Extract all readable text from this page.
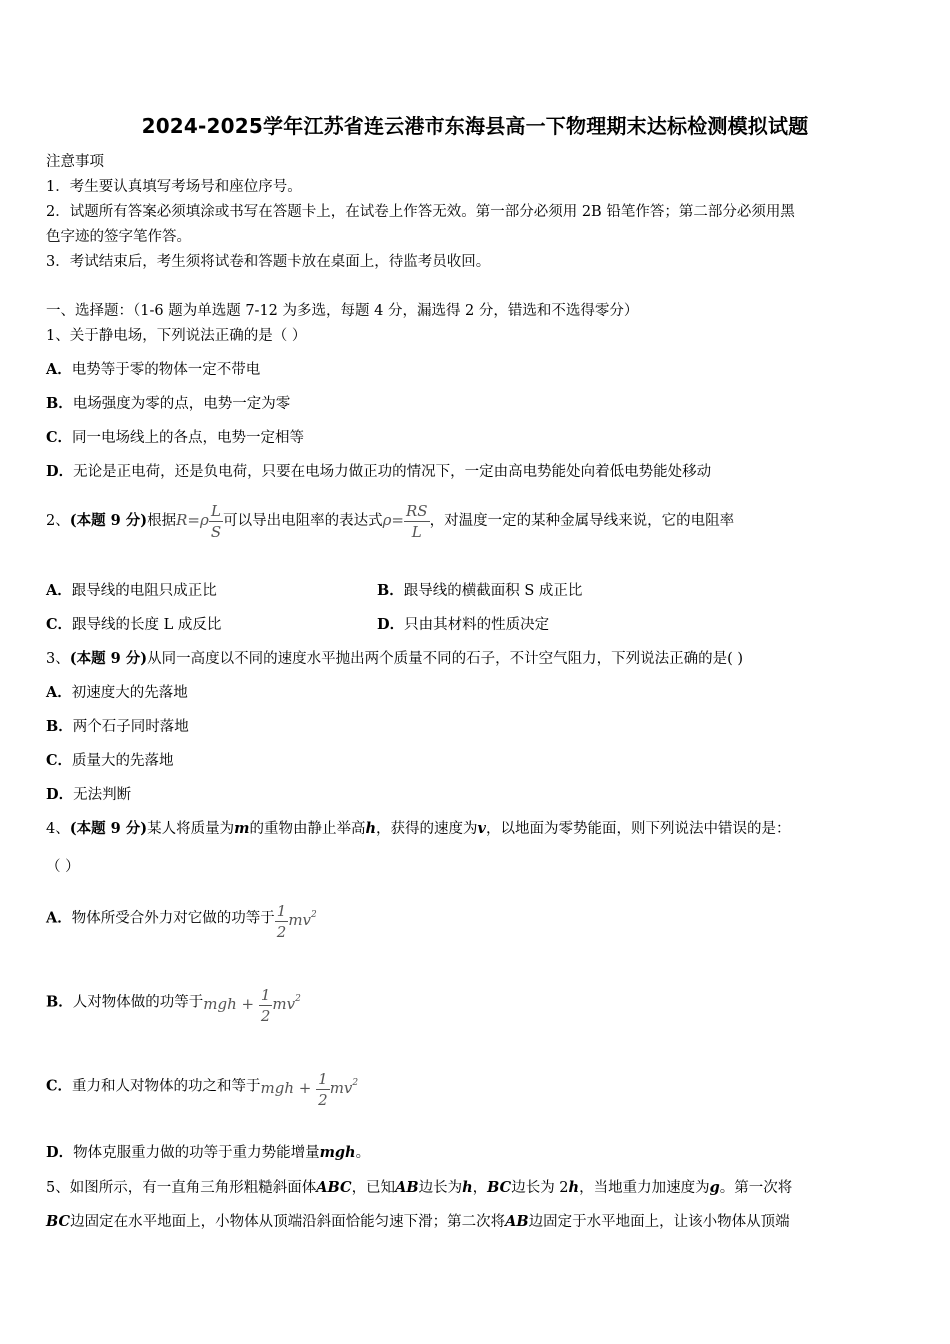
2024-2025学年江苏省连云港市东海县高一下物理期末达标检测模拟试题
注意事项
1．考生要认真填写考场号和座位序号。
2．试题所有答案必须填涂或书写在答题卡上，在试卷上作答无效。第一部分必须用 2B 铅笔作答；第二部分必须用黑
色字迹的签字笔作答。
3．考试结束后，考生须将试卷和答题卡放在桌面上，待监考员收回。
一、选择题：（1-6 题为单选题 7-12 为多选，每题 4 分，漏选得 2 分，错选和不选得零分）
1、关于静电场，下列说法正确的是（ ）
A．电势等于零的物体一定不带电
B．电场强度为零的点，电势一定为零
C．同一电场线上的各点，电势一定相等
D．无论是正电荷，还是负电荷，只要在电场力做正功的情况下，一定由高电势能处向着低电势能处移动
2、(本题 9 分)根据$R=\rho \frac{L}{S}$ 可以导出电阻率的表达式$\rho= \frac{RS}{L}$ ，对温度一定的某种金属导线来说，它的电阻率
A．跟导线的电阻只成正比	B．跟导线的横截面积 S 成正比
C．跟导线的长度 L 成反比	D．只由其材料的性质决定
3、(本题 9 分)从同一高度以不同的速度水平抛出两个质量不同的石子，不计空气阻力，下列说法正确的是( )
A．初速度大的先落地
B．两个石子同时落地
C．质量大的先落地
D．无法判断
4、(本题 9 分)某人将质量为m的重物由静止举高h，获得的速度为v，以地面为零势能面，则下列说法中错误的是：
（ ）
A．物体所受合外力对它做的功等于 $\frac{1}{2} mv^2$
B．人对物体做的功等于mgh + $\frac{1}{2} mv^2$
C．重力和人对物体的功之和等于mgh + $\frac{1}{2} mv^2$
D．物体克服重力做的功等于重力势能增量mgh。
5、如图所示，有一直角三角形粗糙斜面体ABC，已知AB边长为h，BC边长为 2h，当地重力加速度为g。第一次将
BC边固定在水平地面上，小物体从顶端沿斜面恰能匀速下滑；第二次将AB边固定于水平地面上，让该小物体从顶端
